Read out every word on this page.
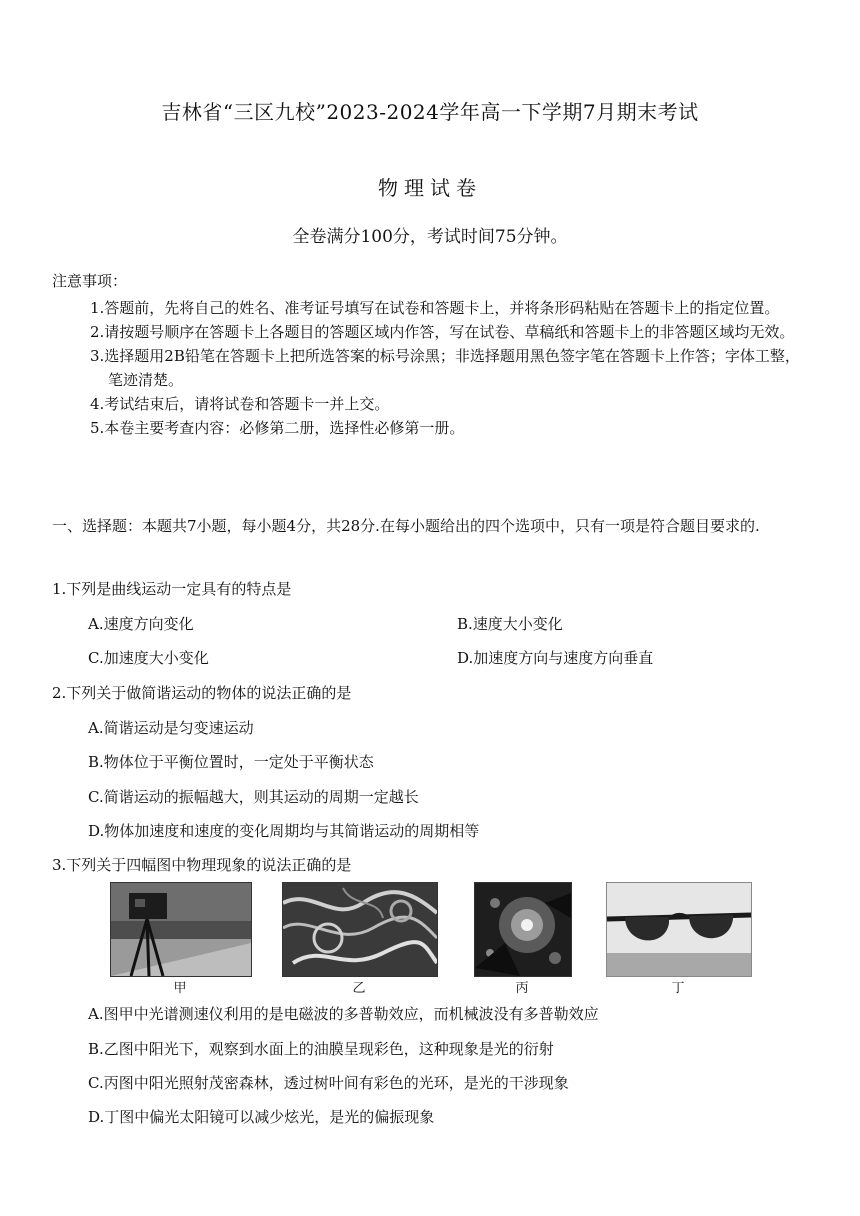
吉林省“三区九校”2023-2024学年高一下学期7月期末考试
物理试卷
全卷满分100分，考试时间75分钟。
注意事项：
1.答题前，先将自己的姓名、准考证号填写在试卷和答题卡上，并将条形码粘贴在答题卡上的指定位置。
2.请按题号顺序在答题卡上各题目的答题区域内作答，写在试卷、草稿纸和答题卡上的非答题区域均无效。
3.选择题用2B铅笔在答题卡上把所选答案的标号涂黑；非选择题用黑色签字笔在答题卡上作答；字体工整，笔迹清楚。
4.考试结束后，请将试卷和答题卡一并上交。
5.本卷主要考查内容：必修第二册，选择性必修第一册。
一、选择题：本题共7小题，每小题4分，共28分.在每小题给出的四个选项中，只有一项是符合题目要求的.
1.下列是曲线运动一定具有的特点是
A.速度方向变化	B.速度大小变化
C.加速度大小变化	D.加速度方向与速度方向垂直
2.下列关于做简谐运动的物体的说法正确的是
A.简谐运动是匀变速运动
B.物体位于平衡位置时，一定处于平衡状态
C.简谐运动的振幅越大，则其运动的周期一定越长
D.物体加速度和速度的变化周期均与其简谐运动的周期相等
3.下列关于四幅图中物理现象的说法正确的是
甲	乙	丙	丁
A.图甲中光谱测速仪利用的是电磁波的多普勒效应，而机械波没有多普勒效应
B.乙图中阳光下，观察到水面上的油膜呈现彩色，这种现象是光的衍射
C.丙图中阳光照射茂密森林，透过树叶间有彩色的光环，是光的干涉现象
D.丁图中偏光太阳镜可以减少炫光，是光的偏振现象
